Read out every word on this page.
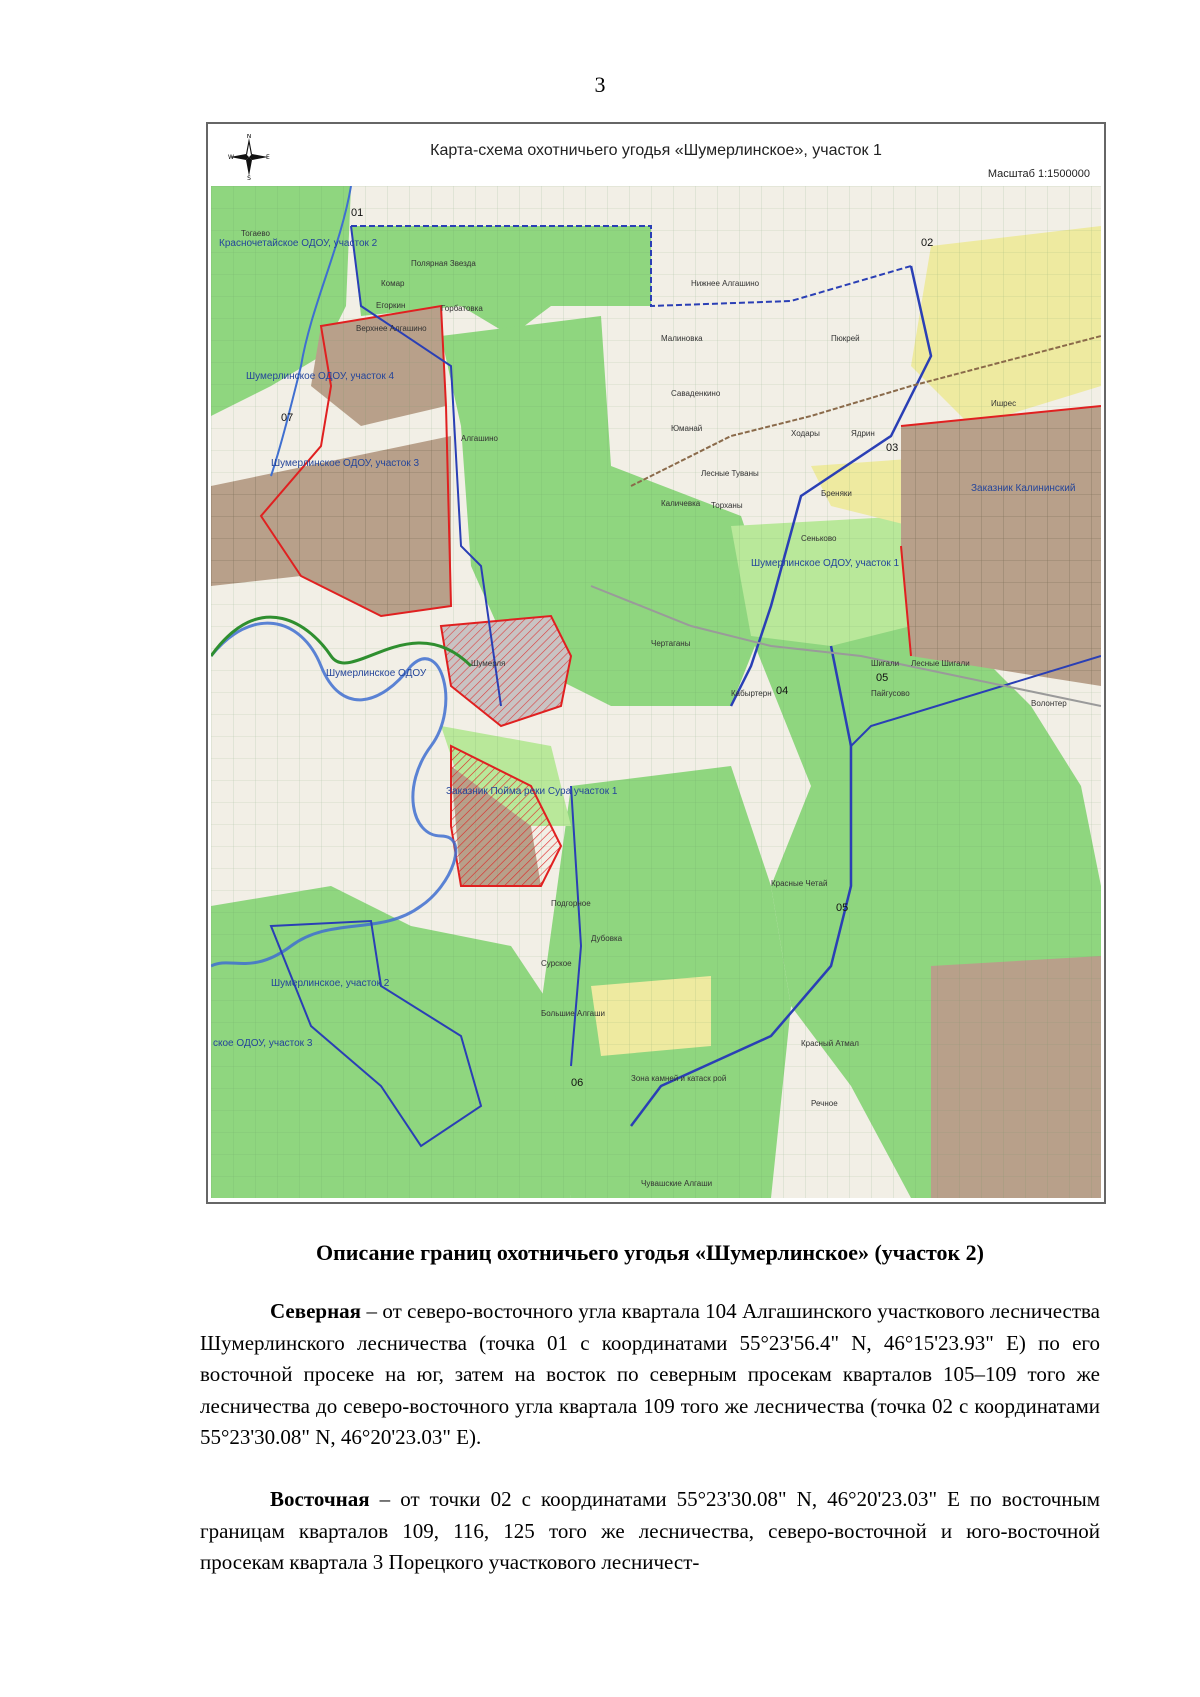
3
N
S
W	E	Карта-схема охотничьего угодья «Шумерлинское», участок 1
Масштаб 1:1500000
Красночетайское ОДОУ, участок 2
Шумерлинское ОДОУ, участок 4
Шумерлинское ОДОУ, участок 3
Шумерлинское ОДОУ, участок 1
Шумерлинское ОДОУ
Шумерлинское, участок 2
ское ОДОУ, участок 3
Заказник Калининский
Заказник Пойма реки Сура участок 1
Зона камней и катаск рой
Тогаево
Полярная Звезда
Комар
Горбатовка
Егоркин
Верхнее Алгашино
Алгашино
Малиновка
Саваденкино
Юманай
Ходары
Лесные Туваны
Шумерля
Каличевка
Чертаганы
Кабыртерн
Бреняки
Сеньково
Пюкрей
Торханы
Нижнее Алгашино
Подгорное
Дубовка
Большие Алгаши
Сурское
Красный Атмал
Речное
Чувашские Алгаши
Красные Четай
Ядрин
Шигали Лесные Шигали
Пайгусово
Волонтер
Ишрес
01
02
03
04
05
05
06
07
Описание границ охотничьего угодья «Шумерлинское» (участок 2)

Северная – от северо-восточного угла квартала 104 Алгашинского участкового лесничества Шумерлинского лесничества (точка 01 с координатами 55°23'56.4" N, 46°15'23.93" E) по его восточной просеке на юг, затем на восток по северным просекам кварталов 105–109 того же лесничества до северо-восточного угла квартала 109 того же лесничества (точка 02 с координатами 55°23'30.08" N, 46°20'23.03" E).

Восточная – от точки 02 с координатами 55°23'30.08" N, 46°20'23.03" E по восточным границам кварталов 109, 116, 125 того же лесничества, северо-восточной и юго-восточной просекам квартала 3 Порецкого участкового лесничест-
